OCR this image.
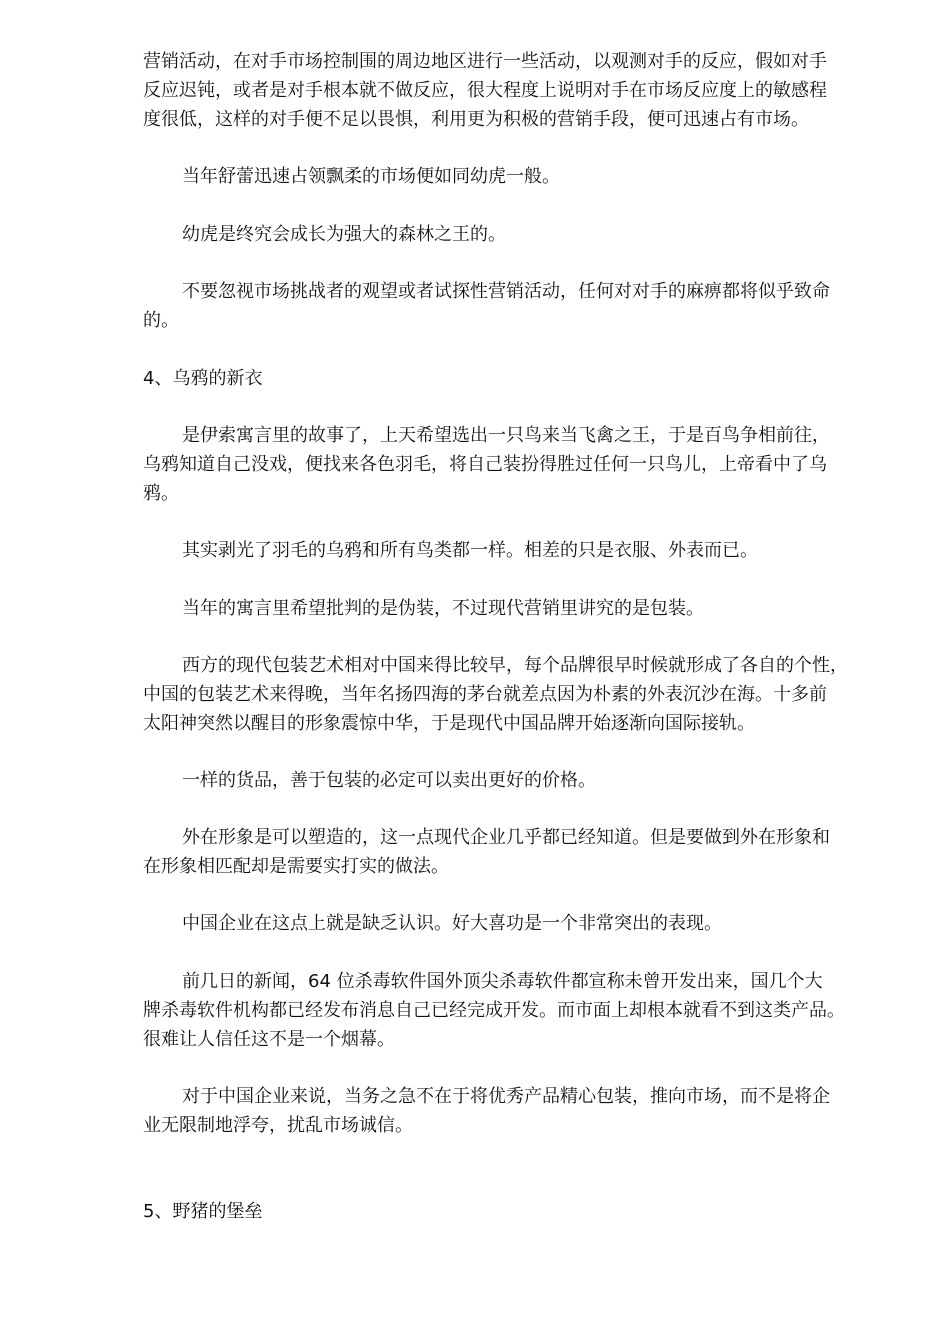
营销活动，在对手市场控制围的周边地区进行一些活动，以观测对手的反应，假如对手
反应迟钝，或者是对手根本就不做反应，很大程度上说明对手在市场反应度上的敏感程
度很低，这样的对手便不足以畏惧，利用更为积极的营销手段，便可迅速占有市场。
当年舒蕾迅速占领飘柔的市场便如同幼虎一般。
幼虎是终究会成长为强大的森林之王的。
不要忽视市场挑战者的观望或者试探性营销活动，任何对对手的麻痹都将似乎致命
的。
4、乌鸦的新衣
是伊索寓言里的故事了，上天希望选出一只鸟来当飞禽之王，于是百鸟争相前往，
乌鸦知道自己没戏，便找来各色羽毛，将自己装扮得胜过任何一只鸟儿，上帝看中了乌
鸦。
其实剥光了羽毛的乌鸦和所有鸟类都一样。相差的只是衣服、外表而已。
当年的寓言里希望批判的是伪装，不过现代营销里讲究的是包装。
西方的现代包装艺术相对中国来得比较早，每个品牌很早时候就形成了各自的个性，
中国的包装艺术来得晚，当年名扬四海的茅台就差点因为朴素的外表沉沙在海。十多前
太阳神突然以醒目的形象震惊中华，于是现代中国品牌开始逐渐向国际接轨。
一样的货品，善于包装的必定可以卖出更好的价格。
外在形象是可以塑造的，这一点现代企业几乎都已经知道。但是要做到外在形象和
在形象相匹配却是需要实打实的做法。
中国企业在这点上就是缺乏认识。好大喜功是一个非常突出的表现。
前几日的新闻，64 位杀毒软件国外顶尖杀毒软件都宣称未曾开发出来，国几个大
牌杀毒软件机构都已经发布消息自己已经完成开发。而市面上却根本就看不到这类产品。
很难让人信任这不是一个烟幕。
对于中国企业来说，当务之急不在于将优秀产品精心包装，推向市场，而不是将企
业无限制地浮夸，扰乱市场诚信。
5、野猪的堡垒
